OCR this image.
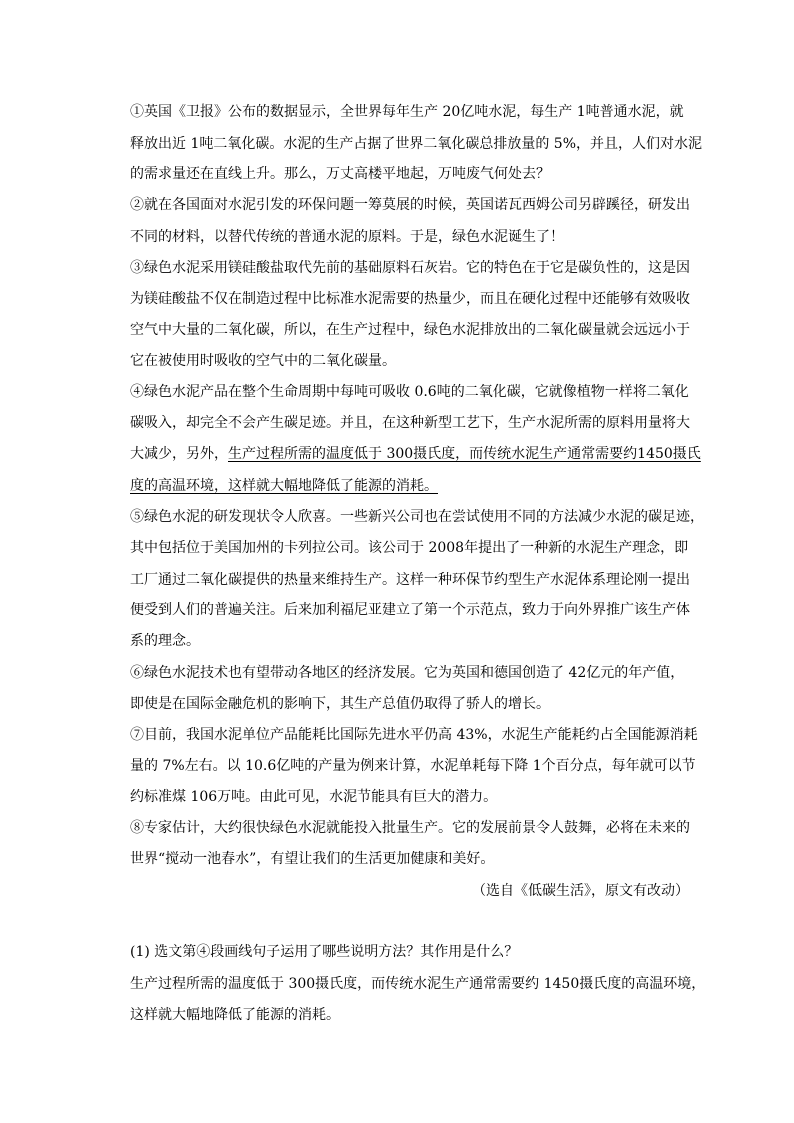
①英国《卫报》公布的数据显示，全世界每年生产 20亿吨水泥，每生产 1吨普通水泥，就
释放出近 1吨二氧化碳。水泥的生产占据了世界二氧化碳总排放量的 5%，并且，人们对水泥
的需求量还在直线上升。那么，万丈高楼平地起，万吨废气何处去？
②就在各国面对水泥引发的环保问题一筹莫展的时候，英国诺瓦西姆公司另辟蹊径，研发出
不同的材料，以替代传统的普通水泥的原料。于是，绿色水泥诞生了！
③绿色水泥采用镁硅酸盐取代先前的基础原料石灰岩。它的特色在于它是碳负性的，这是因
为镁硅酸盐不仅在制造过程中比标准水泥需要的热量少，而且在硬化过程中还能够有效吸收
空气中大量的二氧化碳，所以，在生产过程中，绿色水泥排放出的二氧化碳量就会远远小于
它在被使用时吸收的空气中的二氧化碳量。
④绿色水泥产品在整个生命周期中每吨可吸收 0.6吨的二氧化碳，它就像植物一样将二氧化
碳吸入，却完全不会产生碳足迹。并且，在这种新型工艺下，生产水泥所需的原料用量将大
大减少，另外，生产过程所需的温度低于 300摄氏度，而传统水泥生产通常需要约1450摄氏
度的高温环境，这样就大幅地降低了能源的消耗。
⑤绿色水泥的研发现状令人欣喜。一些新兴公司也在尝试使用不同的方法减少水泥的碳足迹，
其中包括位于美国加州的卡列拉公司。该公司于 2008年提出了一种新的水泥生产理念，即
工厂通过二氧化碳提供的热量来维持生产。这样一种环保节约型生产水泥体系理论刚一提出
便受到人们的普遍关注。后来加利福尼亚建立了第一个示范点，致力于向外界推广该生产体
系的理念。
⑥绿色水泥技术也有望带动各地区的经济发展。它为英国和德国创造了 42亿元的年产值，
即使是在国际金融危机的影响下，其生产总值仍取得了骄人的增长。
⑦目前，我国水泥单位产品能耗比国际先进水平仍高 43%，水泥生产能耗约占全国能源消耗
量的 7%左右。以 10.6亿吨的产量为例来计算，水泥单耗每下降 1个百分点，每年就可以节
约标准煤 106万吨。由此可见，水泥节能具有巨大的潜力。
⑧专家估计，大约很快绿色水泥就能投入批量生产。它的发展前景令人鼓舞，必将在未来的
世界“搅动一池春水”，有望让我们的生活更加健康和美好。
（选自《低碳生活》，原文有改动）
(1) 选文第④段画线句子运用了哪些说明方法？其作用是什么？
生产过程所需的温度低于 300摄氏度，而传统水泥生产通常需要约 1450摄氏度的高温环境，
这样就大幅地降低了能源的消耗。
